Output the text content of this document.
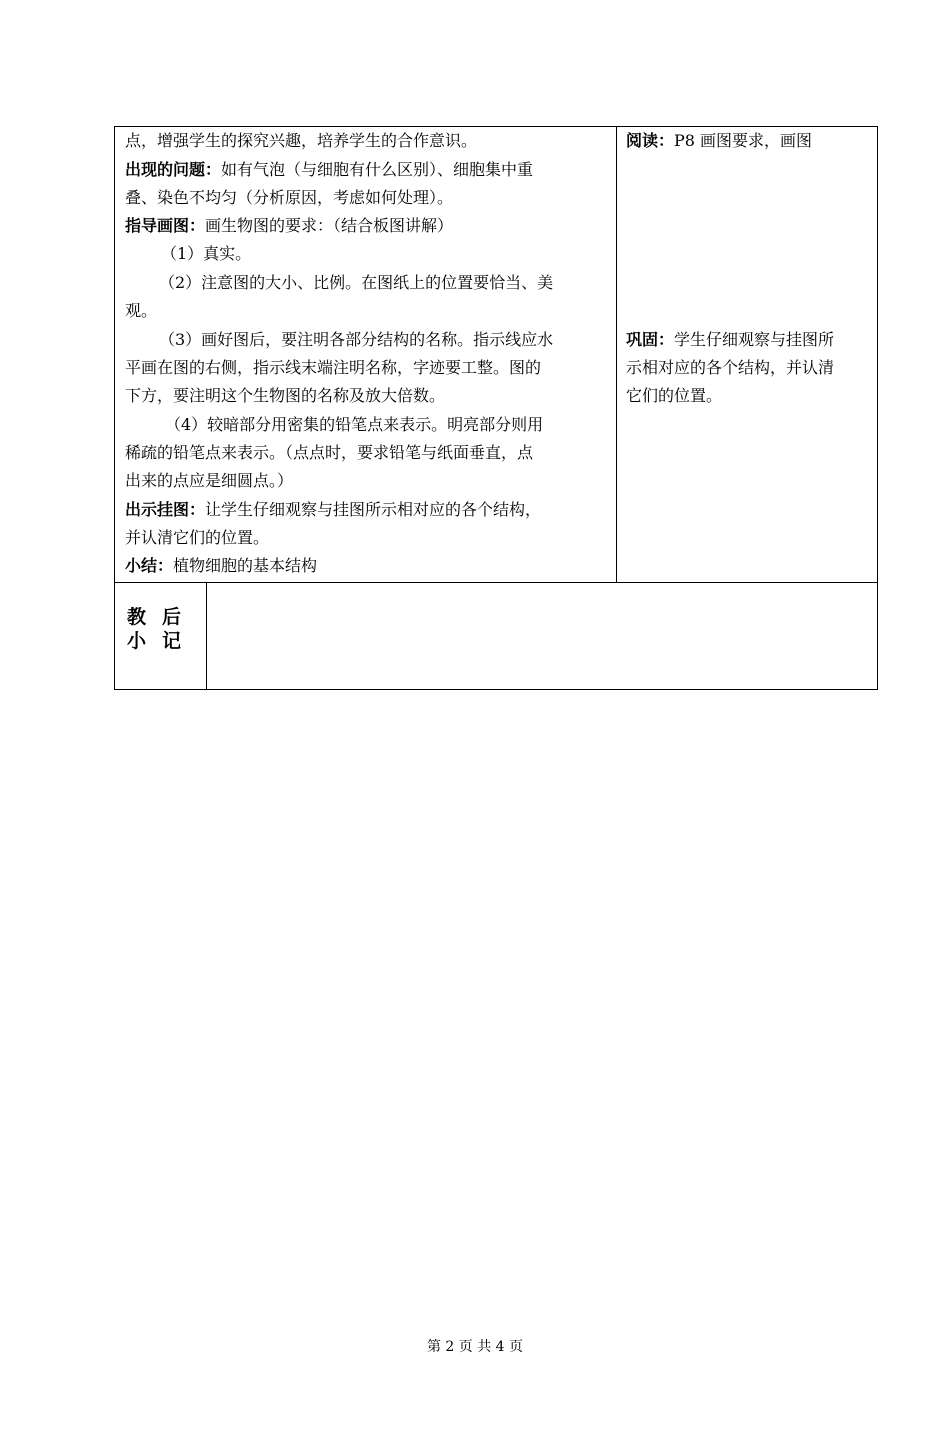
点，增强学生的探究兴趣，培养学生的合作意识。
出现的问题：如有气泡（与细胞有什么区别）、细胞集中重
叠、染色不均匀（分析原因，考虑如何处理）。
指导画图：画生物图的要求：（结合板图讲解）
（1）真实。
（2）注意图的大小、比例。在图纸上的位置要恰当、美
观。
（3）画好图后，要注明各部分结构的名称。指示线应水
平画在图的右侧，指示线末端注明名称，字迹要工整。图的
下方，要注明这个生物图的名称及放大倍数。
（4）较暗部分用密集的铅笔点来表示。明亮部分则用
稀疏的铅笔点来表示。（点点时，要求铅笔与纸面垂直，点
出来的点应是细圆点。）
出示挂图：让学生仔细观察与挂图所示相对应的各个结构，
并认清它们的位置。
小结：植物细胞的基本结构
阅读：P8 画图要求，画图
巩固：学生仔细观察与挂图所
示相对应的各个结构，并认清
它们的位置。
教后
小记
第 2 页 共 4 页
